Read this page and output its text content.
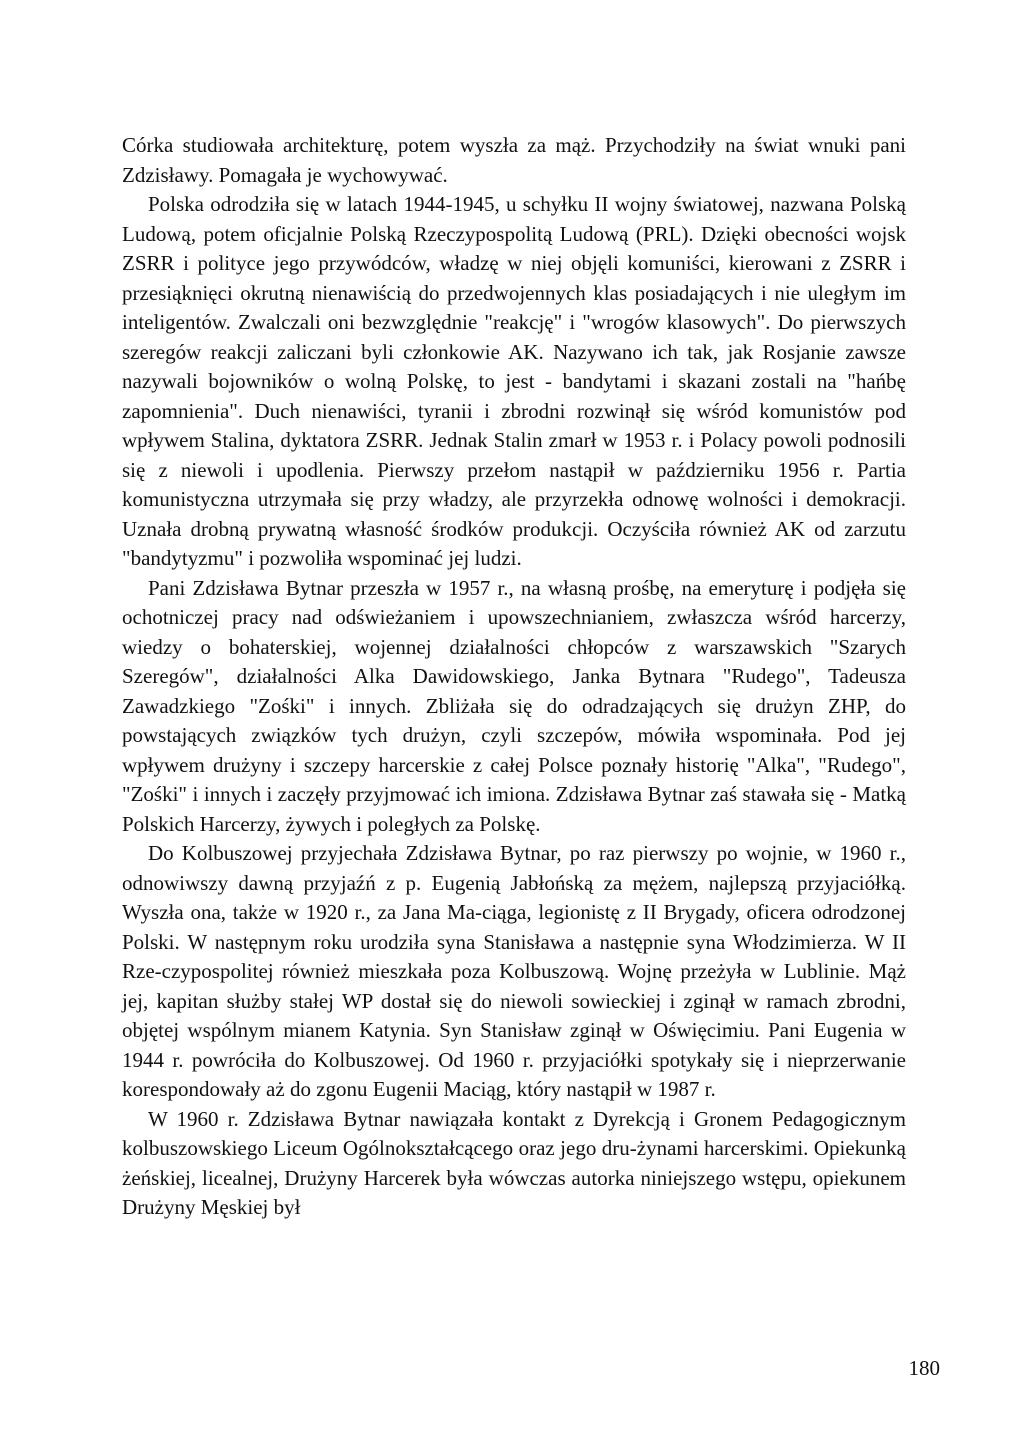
Córka studiowała architekturę, potem wyszła za mąż. Przychodziły na świat wnuki pani Zdzisławy. Pomagała je wychowywać.

Polska odrodziła się w latach 1944-1945, u schyłku II wojny światowej, nazwana Polską Ludową, potem oficjalnie Polską Rzeczypospolitą Ludową (PRL). Dzięki obecności wojsk ZSRR i polityce jego przywódców, władzę w niej objęli komuniści, kierowani z ZSRR i przesiąknięci okrutną nienawiścią do przedwojennych klas posiadających i nie uległym im inteligentów. Zwalczali oni bezwzględnie "reakcję" i "wrogów klasowych". Do pierwszych szeregów reakcji zaliczani byli członkowie AK. Nazywano ich tak, jak Rosjanie zawsze nazywali bojowników o wolną Polskę, to jest - bandytami i skazani zostali na "hańbę zapomnienia". Duch nienawiści, tyranii i zbrodni rozwinął się wśród komunistów pod wpływem Stalina, dyktatora ZSRR. Jednak Stalin zmarł w 1953 r. i Polacy powoli podnosili się z niewoli i upodlenia. Pierwszy przełom nastąpił w październiku 1956 r. Partia komunistyczna utrzymała się przy władzy, ale przyrzekła odnowę wolności i demokracji. Uznała drobną prywatną własność środków produkcji. Oczyściła również AK od zarzutu "bandytyzmu" i pozwoliła wspominać jej ludzi.

Pani Zdzisława Bytnar przeszła w 1957 r., na własną prośbę, na emeryturę i podjęła się ochotniczej pracy nad odświeżaniem i upowszechnianiem, zwłaszcza wśród harcerzy, wiedzy o bohaterskiej, wojennej działalności chłopców z warszawskich "Szarych Szeregów", działalności Alka Dawidowskiego, Janka Bytnara "Rudego", Tadeusza Zawadzkiego "Zośki" i innych. Zbliżała się do odradzających się drużyn ZHP, do powstających związków tych drużyn, czyli szczepów, mówiła wspominała. Pod jej wpływem drużyny i szczepy harcerskie z całej Polsce poznały historię "Alka", "Rudego", "Zośki" i innych i zaczęły przyjmować ich imiona. Zdzisława Bytnar zaś stawała się - Matką Polskich Harcerzy, żywych i poległych za Polskę.

Do Kolbuszowej przyjechała Zdzisława Bytnar, po raz pierwszy po wojnie, w 1960 r., odnowiwszy dawną przyjaźń z p. Eugenią Jabłońską za mężem, najlepszą przyjaciółką. Wyszła ona, także w 1920 r., za Jana Ma-ciąga, legionistę z II Brygady, oficera odrodzonej Polski. W następnym roku urodziła syna Stanisława a następnie syna Włodzimierza. W II Rze-czypospolitej również mieszkała poza Kolbuszową. Wojnę przeżyła w Lublinie. Mąż jej, kapitan służby stałej WP dostał się do niewoli sowieckiej i zginął w ramach zbrodni, objętej wspólnym mianem Katynia. Syn Stanisław zginął w Oświęcimiu. Pani Eugenia w 1944 r. powróciła do Kolbuszowej. Od 1960 r. przyjaciółki spotykały się i nieprzerwanie korespondowały aż do zgonu Eugenii Maciąg, który nastąpił w 1987 r.

W 1960 r. Zdzisława Bytnar nawiązała kontakt z Dyrekcją i Gronem Pedagogicznym kolbuszowskiego Liceum Ogólnokształcącego oraz jego dru-żynami harcerskimi. Opiekunką żeńskiej, licealnej, Drużyny Harcerek była wówczas autorka niniejszego wstępu, opiekunem Drużyny Męskiej był

180
